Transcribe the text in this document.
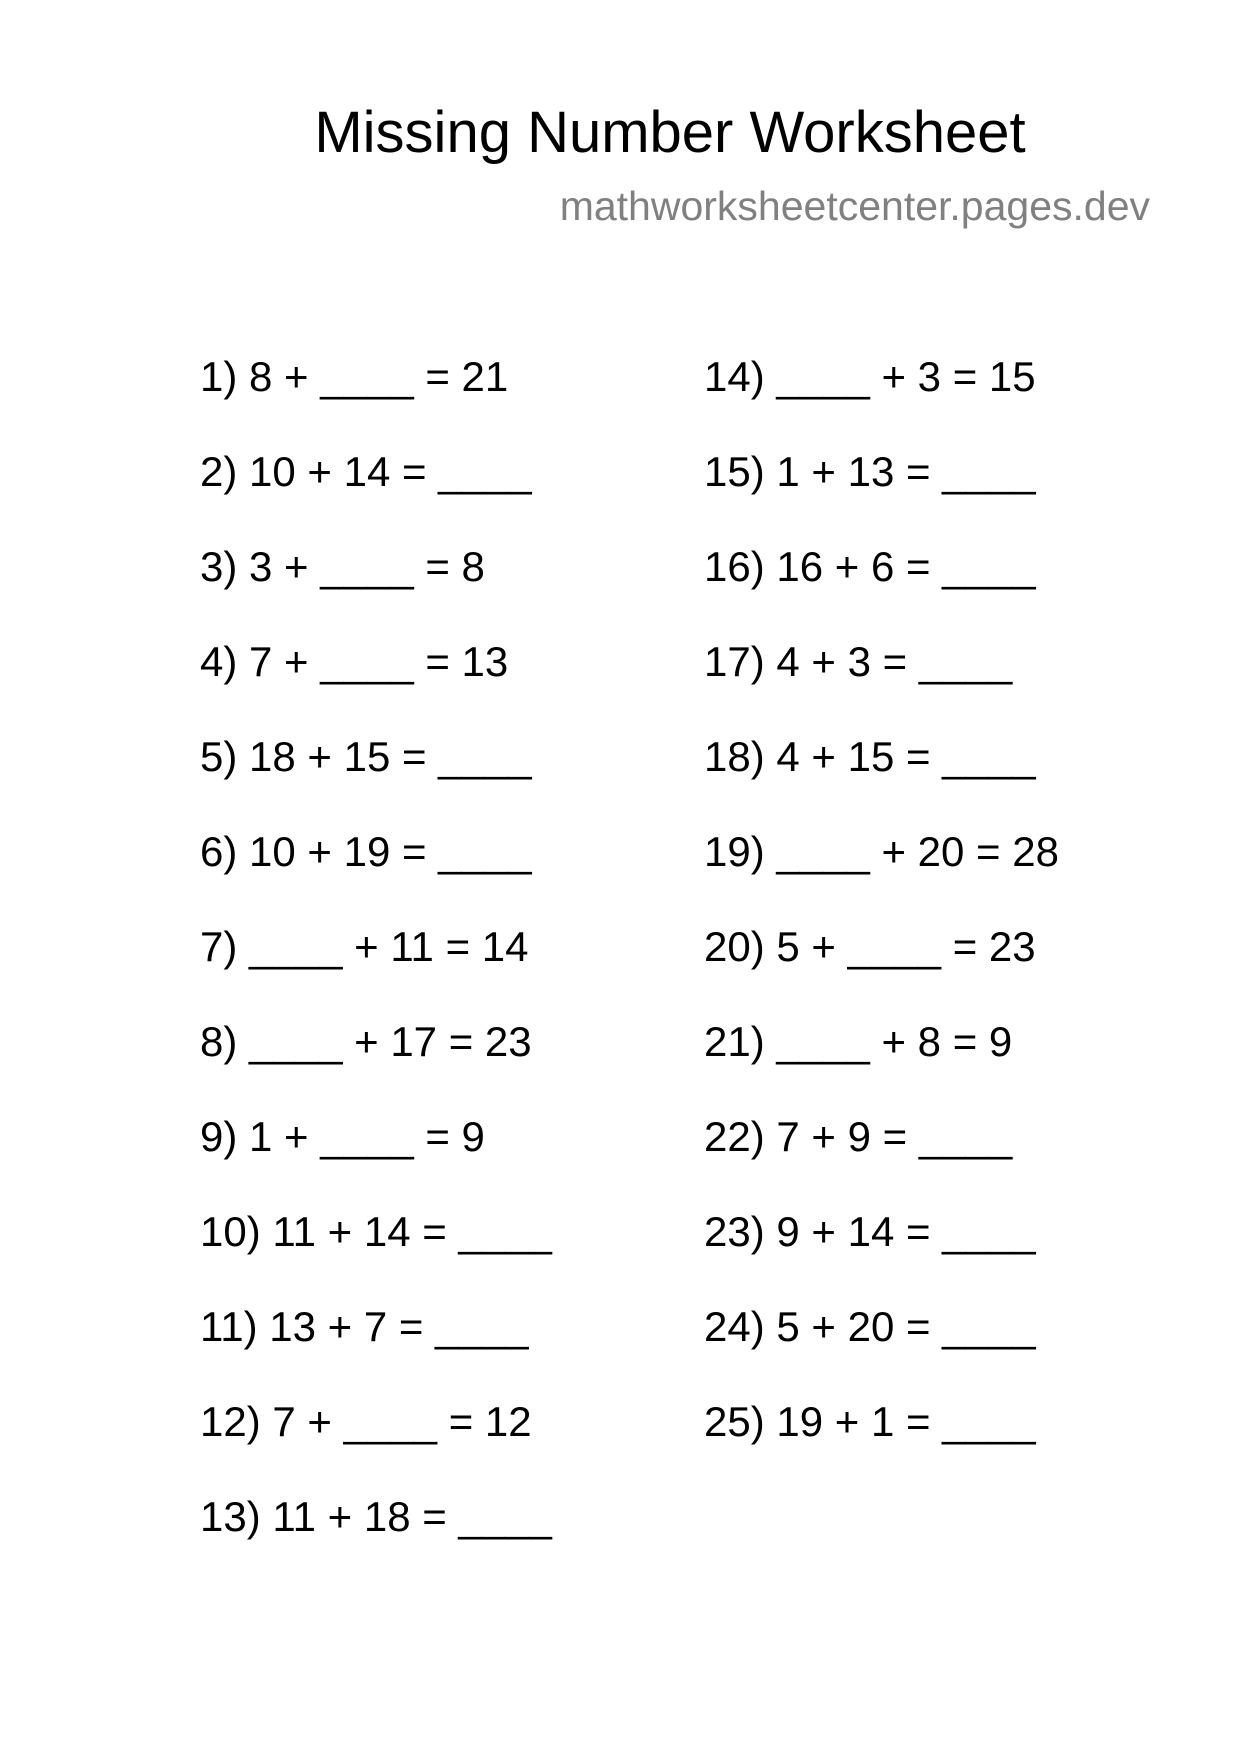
Missing Number Worksheet
mathworksheetcenter.pages.dev
1) 8 + ____ = 21
2) 10 + 14 = ____
3) 3 + ____ = 8
4) 7 + ____ = 13
5) 18 + 15 = ____
6) 10 + 19 = ____
7) ____ + 11 = 14
8) ____ + 17 = 23
9) 1 + ____ = 9
10) 11 + 14 = ____
11) 13 + 7 = ____
12) 7 + ____ = 12
13) 11 + 18 = ____
14) ____ + 3 = 15
15) 1 + 13 = ____
16) 16 + 6 = ____
17) 4 + 3 = ____
18) 4 + 15 = ____
19) ____ + 20 = 28
20) 5 + ____ = 23
21) ____ + 8 = 9
22) 7 + 9 = ____
23) 9 + 14 = ____
24) 5 + 20 = ____
25) 19 + 1 = ____
